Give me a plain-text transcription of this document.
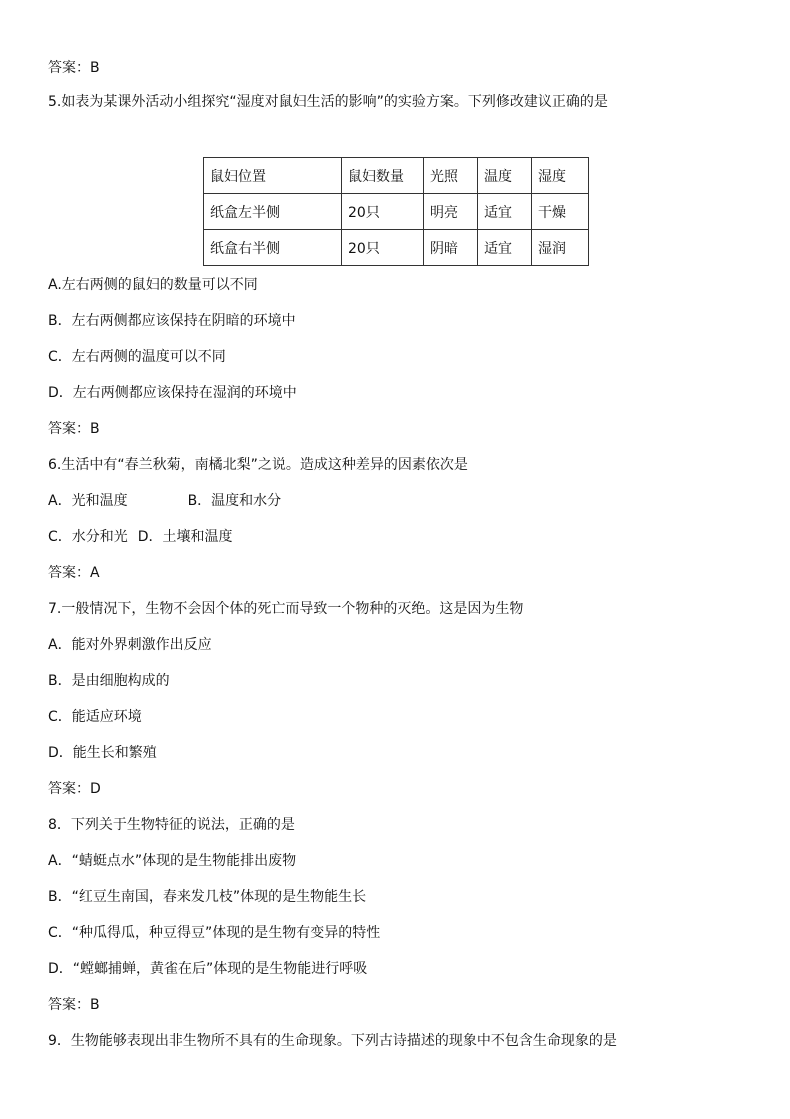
答案：B
5.如表为某课外活动小组探究“湿度对鼠妇生活的影响”的实验方案。下列修改建议正确的是
鼠妇位置	鼠妇数量	光照	温度	湿度
纸盒左半侧	20只	明亮	适宜	干燥
纸盒右半侧	20只	阴暗	适宜	湿润
A.左右两侧的鼠妇的数量可以不同
B．左右两侧都应该保持在阴暗的环境中
C．左右两侧的温度可以不同
D．左右两侧都应该保持在湿润的环境中
答案：B
6.生活中有“春兰秋菊，南橘北梨”之说。造成这种差异的因素依次是
A．光和温度	B．温度和水分
C．水分和光 D．土壤和温度
答案：A
7.一般情况下，生物不会因个体的死亡而导致一个物种的灭绝。这是因为生物
A．能对外界刺激作出反应
B．是由细胞构成的
C．能适应环境
D．能生长和繁殖
答案：D
8．下列关于生物特征的说法，正确的是
A．“蜻蜓点水”体现的是生物能排出废物
B．“红豆生南国，春来发几枝”体现的是生物能生长
C．“种瓜得瓜，种豆得豆”体现的是生物有变异的特性
D．“螳螂捕蝉，黄雀在后”体现的是生物能进行呼吸
答案：B
9．生物能够表现出非生物所不具有的生命现象。下列古诗描述的现象中不包含生命现象的是
